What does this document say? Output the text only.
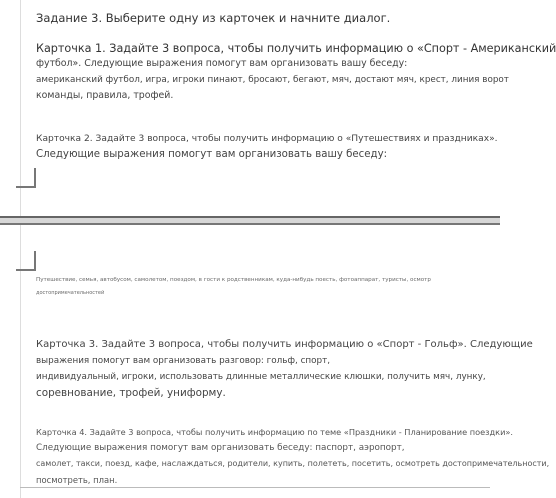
Задание 3. Выберите одну из карточек и начните диалог.
Карточка 1. Задайте 3 вопроса, чтобы получить информацию о «Спорт - Американский
футбол». Следующие выражения помогут вам организовать вашу беседу:
американский футбол, игра, игроки пинают, бросают, бегают, мяч, достают мяч, крест, линия ворот
команды, правила, трофей.
Карточка 2. Задайте 3 вопроса, чтобы получить информацию о «Путешествиях и праздниках».
Следующие выражения помогут вам организовать вашу беседу:
Путешествие, семья, автобусом, самолетом, поездом, в гости к родственникам, куда-нибудь поесть, фотоаппарат, туристы, осмотр
достопримечательностей
Карточка 3. Задайте 3 вопроса, чтобы получить информацию о «Спорт - Гольф». Следующие
выражения помогут вам организовать разговор: гольф, спорт,
индивидуальный, игроки, использовать длинные металлические клюшки, получить мяч, лунку,
соревнование, трофей, униформу.
Карточка 4. Задайте 3 вопроса, чтобы получить информацию по теме «Праздники - Планирование поездки».
Следующие выражения помогут вам организовать беседу: паспорт, аэропорт,
самолет, такси, поезд, кафе, наслаждаться, родители, купить, полететь, посетить, осмотреть достопримечательности,
посмотреть, план.
